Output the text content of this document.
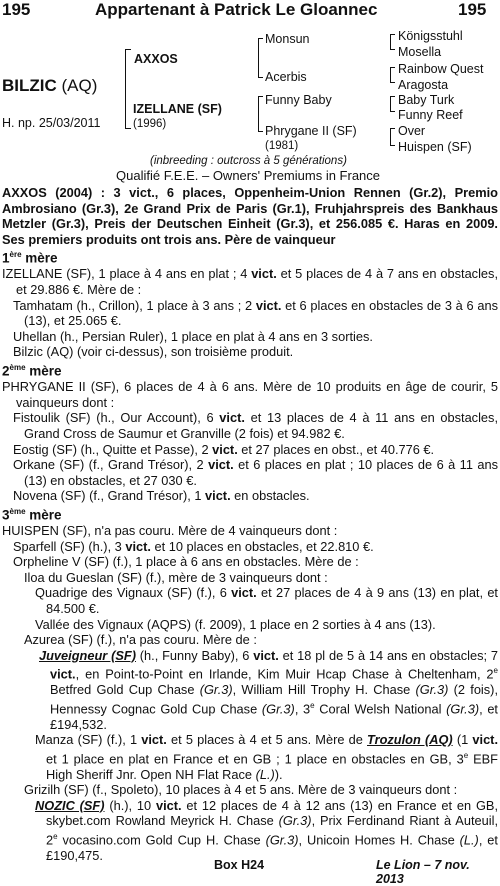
195	Appartenant à Patrick Le Gloannec	195
BILZIC (AQ)
H. np. 25/03/2011
AXXOS
IZELLANE (SF)
(1996)
Monsun
Acerbis
Funny Baby
Phrygane II (SF)
(1981)
Königsstuhl
Mosella
Rainbow Quest
Aragosta
Baby Turk
Funny Reef
Over
Huispen (SF)
(inbreeding : outcross à 5 générations)
Qualifié F.E.E. – Owners' Premiums in France

AXXOS (2004) : 3 vict., 6 places, Oppenheim-Union Rennen (Gr.2), Premio Ambrosiano (Gr.3), 2e Grand Prix de Paris (Gr.1), Fruhjahrspreis des Bankhaus Metzler (Gr.3), Preis der Deutschen Einheit (Gr.3), et 256.085 €. Haras en 2009. Ses premiers produits ont trois ans. Père de vainqueur

1ère mère

IZELLANE (SF), 1 place à 4 ans en plat ; 4 vict. et 5 places de 4 à 7 ans en obstacles, et 29.886 €. Mère de :

Tamhatam (h., Crillon), 1 place à 3 ans ; 2 vict. et 6 places en obstacles de 3 à 6 ans (13), et 25.065 €.

Uhellan (h., Persian Ruler), 1 place en plat à 4 ans en 3 sorties.

Bilzic (AQ) (voir ci-dessus), son troisième produit.

2ème mère

PHRYGANE II (SF), 6 places de 4 à 6 ans. Mère de 10 produits en âge de courir, 5 vainqueurs dont :

Fistoulik (SF) (h., Our Account), 6 vict. et 13 places de 4 à 11 ans en obstacles, Grand Cross de Saumur et Granville (2 fois) et 94.982 €.

Eostig (SF) (h., Quitte et Passe), 2 vict. et 27 places en obst., et 40.776 €.

Orkane (SF) (f., Grand Trésor), 2 vict. et 6 places en plat ; 10 places de 6 à 11 ans (13) en obstacles, et 27 030 €.

Novena (SF) (f., Grand Trésor), 1 vict. en obstacles.

3ème mère

HUISPEN (SF), n'a pas couru. Mère de 4 vainqueurs dont :

Sparfell (SF) (h.), 3 vict. et 10 places en obstacles, et 22.810 €.

Orpheline V (SF) (f.), 1 place à 6 ans en obstacles. Mère de :

Iloa du Gueslan (SF) (f.), mère de 3 vainqueurs dont :

Quadrige des Vignaux (SF) (f.), 6 vict. et 27 places de 4 à 9 ans (13) en plat, et 84.500 €.

Vallée des Vignaux (AQPS) (f. 2009), 1 place en 2 sorties à 4 ans (13).

Azurea (SF) (f.), n'a pas couru. Mère de :

Juveigneur (SF) (h., Funny Baby), 6 vict. et 18 pl de 5 à 14 ans en obstacles; 7 vict., en Point-to-Point en Irlande, Kim Muir Hcap Chase à Cheltenham, 2e Betfred Gold Cup Chase (Gr.3), William Hill Trophy H. Chase (Gr.3) (2 fois), Hennessy Cognac Gold Cup Chase (Gr.3), 3e Coral Welsh National (Gr.3), et £194,532.

Manza (SF) (f.), 1 vict. et 5 places à 4 et 5 ans. Mère de Trozulon (AQ) (1 vict. et 1 place en plat en France et en GB ; 1 place en obstacles en GB, 3e EBF High Sheriff Jnr. Open NH Flat Race (L.)).

Grizilh (SF) (f., Spoleto), 10 places à 4 et 5 ans. Mère de 3 vainqueurs dont :

NOZIC (SF) (h.), 10 vict. et 12 places de 4 à 12 ans (13) en France et en GB, skybet.com Rowland Meyrick H. Chase (Gr.3), Prix Ferdinand Riant à Auteuil, 2e vocasino.com Gold Cup H. Chase (Gr.3), Unicoin Homes H. Chase (L.), et £190,475.

Box H24	Le Lion – 7 nov. 2013
